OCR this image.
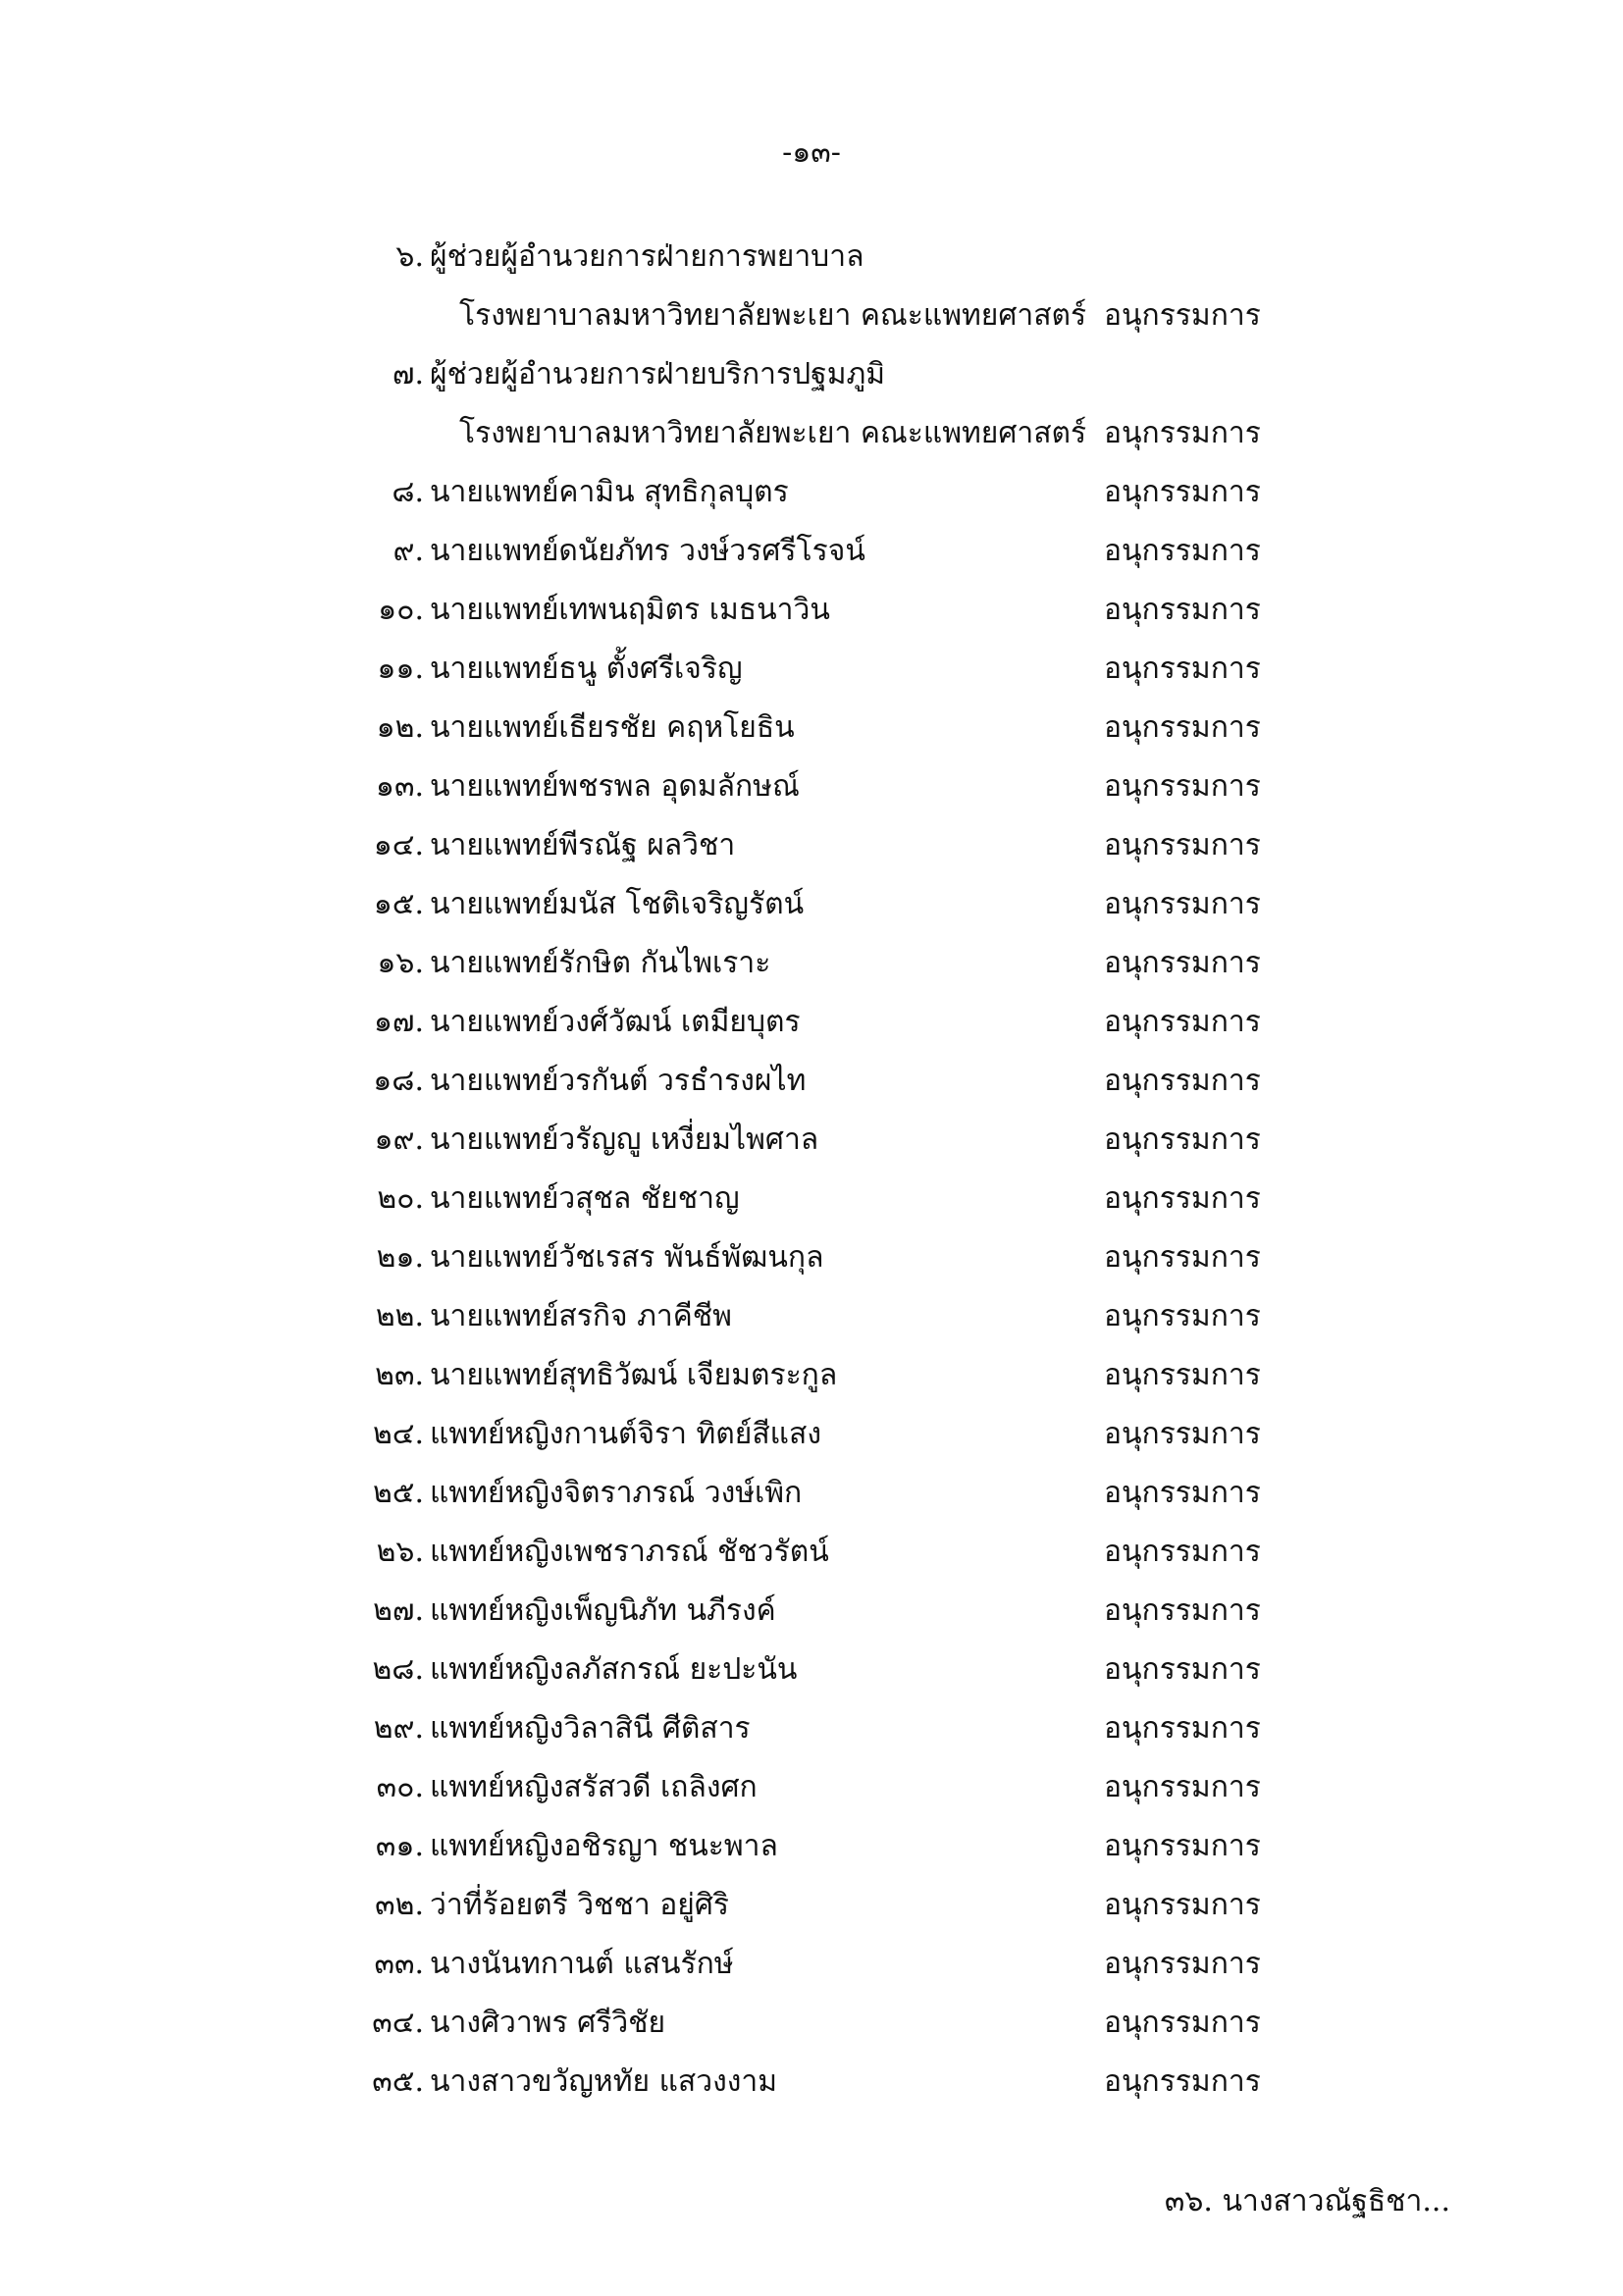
-๑๓-
๖. ผู้ช่วยผู้อำนวยการฝ่ายการพยาบาล
โรงพยาบาลมหาวิทยาลัยพะเยา คณะแพทยศาสตร์ อนุกรรมการ
๗. ผู้ช่วยผู้อำนวยการฝ่ายบริการปฐมภูมิ
โรงพยาบาลมหาวิทยาลัยพะเยา คณะแพทยศาสตร์ อนุกรรมการ
๘. นายแพทย์คามิน สุทธิกุลบุตร	อนุกรรมการ
๙. นายแพทย์ดนัยภัทร วงษ์วรศรีโรจน์	อนุกรรมการ
๑๐. นายแพทย์เทพนฤมิตร เมธนาวิน	อนุกรรมการ
๑๑. นายแพทย์ธนู ตั้งศรีเจริญ	อนุกรรมการ
๑๒. นายแพทย์เธียรชัย คฤหโยธิน	อนุกรรมการ
๑๓. นายแพทย์พชรพล อุดมลักษณ์	อนุกรรมการ
๑๔. นายแพทย์พีรณัฐ ผลวิชา	อนุกรรมการ
๑๕. นายแพทย์มนัส โชติเจริญรัตน์	อนุกรรมการ
๑๖. นายแพทย์รักษิต กันไพเราะ	อนุกรรมการ
๑๗. นายแพทย์วงศ์วัฒน์ เตมียบุตร	อนุกรรมการ
๑๘. นายแพทย์วรกันต์ วรธำรงผไท	อนุกรรมการ
๑๙. นายแพทย์วรัญญู เหงี่ยมไพศาล	อนุกรรมการ
๒๐. นายแพทย์วสุชล ชัยชาญ	อนุกรรมการ
๒๑. นายแพทย์วัชเรสร พันธ์พัฒนกุล	อนุกรรมการ
๒๒. นายแพทย์สรกิจ ภาคีชีพ	อนุกรรมการ
๒๓. นายแพทย์สุทธิวัฒน์ เจียมตระกูล	อนุกรรมการ
๒๔. แพทย์หญิงกานต์จิรา ทิตย์สีแสง	อนุกรรมการ
๒๕. แพทย์หญิงจิตราภรณ์ วงษ์เพิก	อนุกรรมการ
๒๖. แพทย์หญิงเพชราภรณ์ ชัชวรัตน์	อนุกรรมการ
๒๗. แพทย์หญิงเพ็ญนิภัท นภีรงค์	อนุกรรมการ
๒๘. แพทย์หญิงลภัสกรณ์ ยะปะนัน	อนุกรรมการ
๒๙. แพทย์หญิงวิลาสินี ศีติสาร	อนุกรรมการ
๓๐. แพทย์หญิงสรัสวดี เถลิงศก	อนุกรรมการ
๓๑. แพทย์หญิงอชิรญา ชนะพาล	อนุกรรมการ
๓๒. ว่าที่ร้อยตรี วิชชา อยู่ศิริ	อนุกรรมการ
๓๓. นางนันทกานต์ แสนรักษ์	อนุกรรมการ
๓๔. นางศิวาพร ศรีวิชัย	อนุกรรมการ
๓๕. นางสาวขวัญหทัย แสวงงาม	อนุกรรมการ
๓๖. นางสาวณัฐธิชา...
